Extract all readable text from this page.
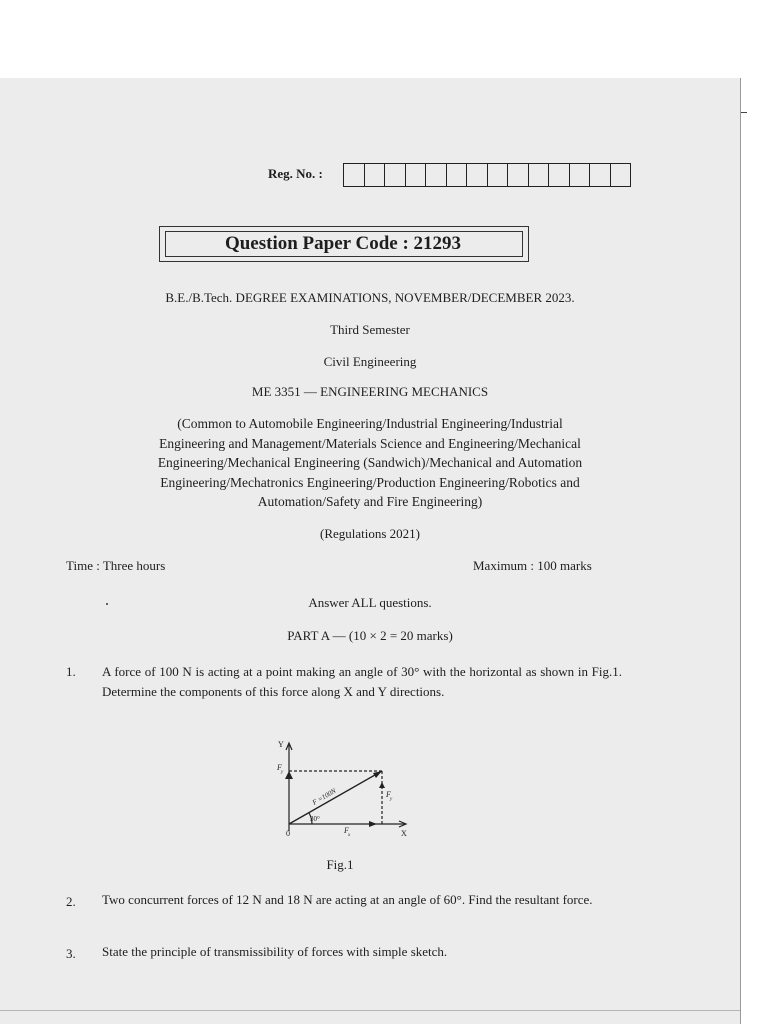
Reg. No. :
Question Paper Code : 21293
B.E./B.Tech. DEGREE EXAMINATIONS, NOVEMBER/DECEMBER 2023.
Third Semester
Civil Engineering
ME 3351 — ENGINEERING MECHANICS
(Common to Automobile Engineering/Industrial Engineering/Industrial
Engineering and Management/Materials Science and Engineering/Mechanical
Engineering/Mechanical Engineering (Sandwich)/Mechanical and Automation
Engineering/Mechatronics Engineering/Production Engineering/Robotics and
Automation/Safety and Fire Engineering)
(Regulations 2021)
Time : Three hours	Maximum : 100 marks
Answer ALL questions.
PART A — (10 × 2 = 20 marks)
1. A force of 100 N is acting at a point making an angle of 30° with the horizontal as shown in Fig.1. Determine the components of this force along X and Y directions.
Y
X
0
F
y
F
y
F
x
F =100N
30°
Fig.1
2. Two concurrent forces of 12 N and 18 N are acting at an angle of 60°. Find the resultant force.
3. State the principle of transmissibility of forces with simple sketch.
